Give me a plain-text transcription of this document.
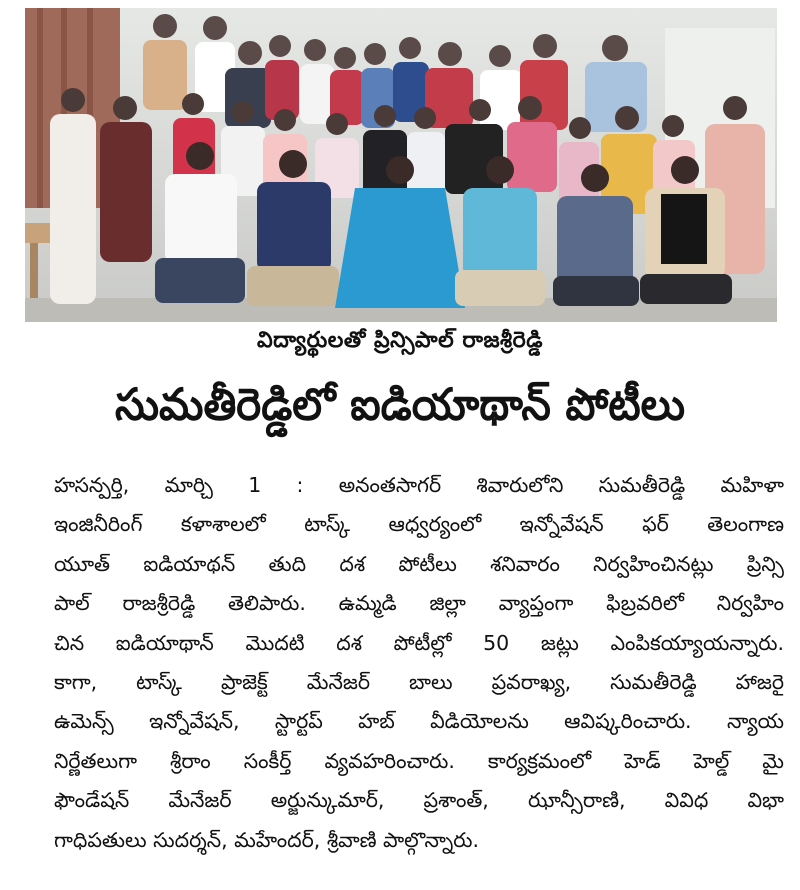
విద్యార్థులతో ప్రిన్సిపాల్ రాజశ్రీరెడ్డి
సుమతీరెడ్డిలో ఐడియాథాన్ పోటీలు
హసన్పర్తి, మార్చి 1 : అనంతసాగర్ శివారులోని సుమతీరెడ్డి మహిళా
ఇంజినీరింగ్ కళాశాలలో టాస్క్ ఆధ్వర్యంలో ఇన్నోవేషన్ ఫర్ తెలంగాణ
యూత్ ఐడియాథన్ తుది దశ పోటీలు శనివారం నిర్వహించినట్లు ప్రిన్సి
పాల్ రాజశ్రీరెడ్డి తెలిపారు. ఉమ్మడి జిల్లా వ్యాప్తంగా ఫిబ్రవరిలో నిర్వహిం
చిన ఐడియాథాన్ మొదటి దశ పోటీల్లో 50 జట్లు ఎంపికయ్యాయన్నారు.
కాగా, టాస్క్ ప్రాజెక్ట్ మేనేజర్ బాలు ప్రవరాఖ్య, సుమతీరెడ్డి హాజరై
ఉమెన్స్ ఇన్నోవేషన్, స్టార్టప్ హబ్ వీడియోలను ఆవిష్కరించారు. న్యాయ
నిర్ణేతలుగా శ్రీరాం సంకీర్త్ వ్యవహరించారు. కార్యక్రమంలో హెడ్ హెల్డ్ మై
ఫౌండేషన్ మేనేజర్ అర్జున్కుమార్, ప్రశాంత్, ఝాన్సీరాణి, వివిధ విభా
గాధిపతులు సుదర్శన్, మహేందర్, శ్రీవాణి పాల్గొన్నారు.
